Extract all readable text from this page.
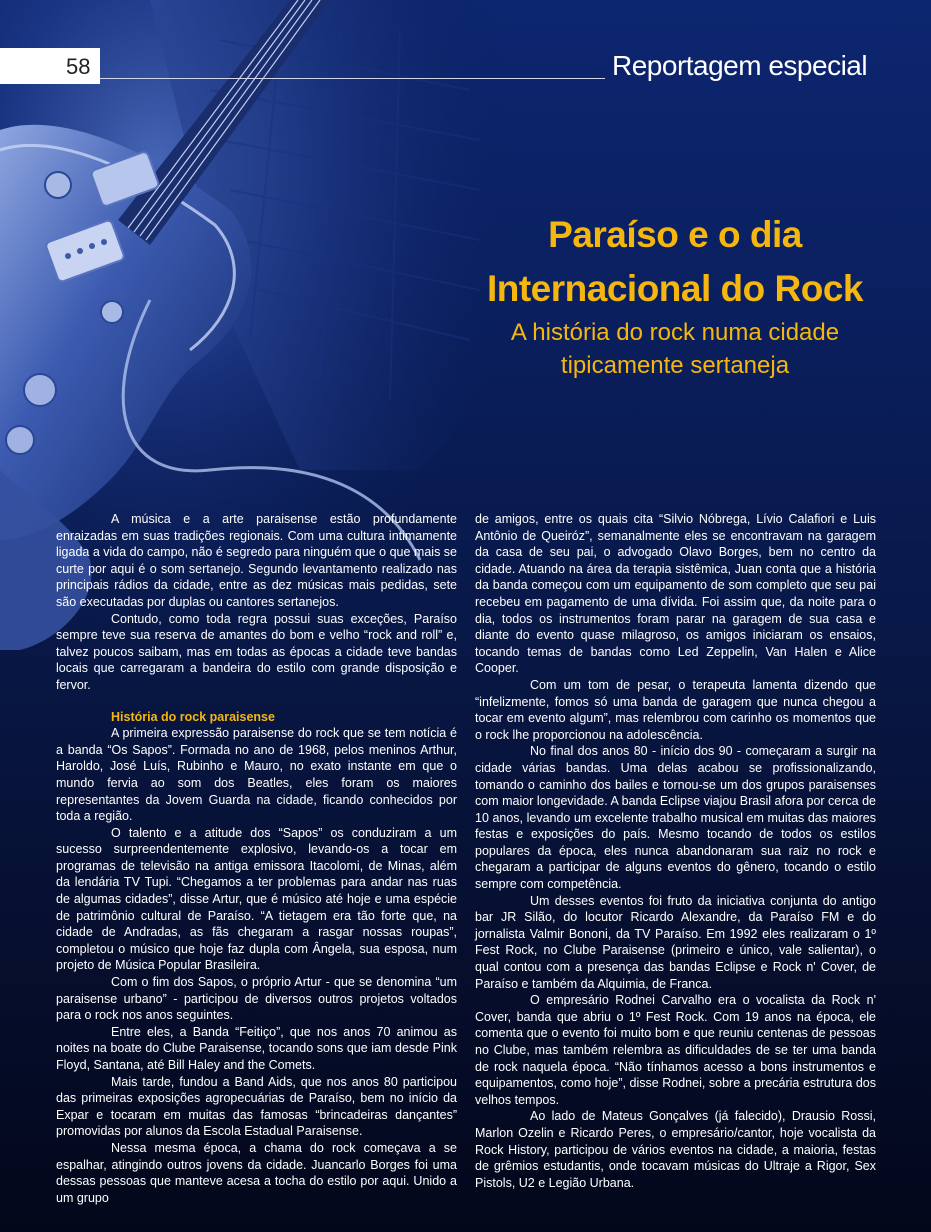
58	Reportagem especial
Paraíso e o dia
Internacional do Rock
A história do rock numa cidade
tipicamente sertaneja

A música e a arte paraisense estão profundamente enraizadas em suas tradições regionais. Com uma cultura intimamente ligada a vida do campo, não é segredo para ninguém que o que mais se curte por aqui é o som sertanejo. Segundo levantamento realizado nas principais rádios da cidade, entre as dez músicas mais pedidas, sete são executadas por duplas ou cantores sertanejos.

Contudo, como toda regra possui suas exceções, Paraíso sempre teve sua reserva de amantes do bom e velho “rock and roll” e, talvez poucos saibam, mas em todas as épocas a cidade teve bandas locais que carregaram a bandeira do estilo com grande disposição e fervor.

História do rock paraisense

A primeira expressão paraisense do rock que se tem notícia é a banda “Os Sapos”. Formada no ano de 1968, pelos meninos Arthur, Haroldo, José Luís, Rubinho e Mauro, no exato instante em que o mundo fervia ao som dos Beatles, eles foram os maiores representantes da Jovem Guarda na cidade, ficando conhecidos por toda a região.

O talento e a atitude dos “Sapos” os conduziram a um sucesso surpreendentemente explosivo, levando-os a tocar em programas de televisão na antiga emissora Itacolomi, de Minas, além da lendária TV Tupi. “Chegamos a ter problemas para andar nas ruas de algumas cidades”, disse Artur, que é músico até hoje e uma espécie de patrimônio cultural de Paraíso. “A tietagem era tão forte que, na cidade de Andradas, as fãs chegaram a rasgar nossas roupas”, completou o músico que hoje faz dupla com Ângela, sua esposa, num projeto de Música Popular Brasileira.

Com o fim dos Sapos, o próprio Artur - que se denomina “um paraisense urbano” - participou de diversos outros projetos voltados para o rock nos anos seguintes.

Entre eles, a Banda “Feitiço”, que nos anos 70 animou as noites na boate do Clube Paraisense, tocando sons que iam desde Pink Floyd, Santana, até Bill Haley and the Comets.

Mais tarde, fundou a Band Aids, que nos anos 80 participou das primeiras exposições agropecuárias de Paraíso, bem no início da Expar e tocaram em muitas das famosas “brincadeiras dançantes” promovidas por alunos da Escola Estadual Paraisense.

Nessa mesma época, a chama do rock começava a se espalhar, atingindo outros jovens da cidade. Juancarlo Borges foi uma dessas pessoas que manteve acesa a tocha do estilo por aqui. Unido a um grupo

de amigos, entre os quais cita “Silvio Nóbrega, Lívio Calafiori e Luis Antônio de Queiróz”, semanalmente eles se encontravam na garagem da casa de seu pai, o advogado Olavo Borges, bem no centro da cidade. Atuando na área da terapia sistêmica, Juan conta que a história da banda começou com um equipamento de som completo que seu pai recebeu em pagamento de uma dívida. Foi assim que, da noite para o dia, todos os instrumentos foram parar na garagem de sua casa e diante do evento quase milagroso, os amigos iniciaram os ensaios, tocando temas de bandas como Led Zeppelin, Van Halen e Alice Cooper.

Com um tom de pesar, o terapeuta lamenta dizendo que “infelizmente, fomos só uma banda de garagem que nunca chegou a tocar em evento algum”, mas relembrou com carinho os momentos que o rock lhe proporcionou na adolescência.

No final dos anos 80 - início dos 90 - começaram a surgir na cidade várias bandas. Uma delas acabou se profissionalizando, tomando o caminho dos bailes e tornou-se um dos grupos paraisenses com maior longevidade. A banda Eclipse viajou Brasil afora por cerca de 10 anos, levando um excelente trabalho musical em muitas das maiores festas e exposições do país. Mesmo tocando de todos os estilos populares da época, eles nunca abandonaram sua raiz no rock e chegaram a participar de alguns eventos do gênero, tocando o estilo sempre com competência.

Um desses eventos foi fruto da iniciativa conjunta do antigo bar JR Silão, do locutor Ricardo Alexandre, da Paraíso FM e do jornalista Valmir Bononi, da TV Paraíso. Em 1992 eles realizaram o 1º Fest Rock, no Clube Paraisense (primeiro e único, vale salientar), o qual contou com a presença das bandas Eclipse e Rock n' Cover, de Paraíso e também da Alquimia, de Franca.

O empresário Rodnei Carvalho era o vocalista da Rock n' Cover, banda que abriu o 1º Fest Rock. Com 19 anos na época, ele comenta que o evento foi muito bom e que reuniu centenas de pessoas no Clube, mas também relembra as dificuldades de se ter uma banda de rock naquela época. “Não tínhamos acesso a bons instrumentos e equipamentos, como hoje”, disse Rodnei, sobre a precária estrutura dos velhos tempos.

Ao lado de Mateus Gonçalves (já falecido), Drausio Rossi, Marlon Ozelin e Ricardo Peres, o empresário/cantor, hoje vocalista da Rock History, participou de vários eventos na cidade, a maioria, festas de grêmios estudantis, onde tocavam músicas do Ultraje a Rigor, Sex Pistols, U2 e Legião Urbana.
